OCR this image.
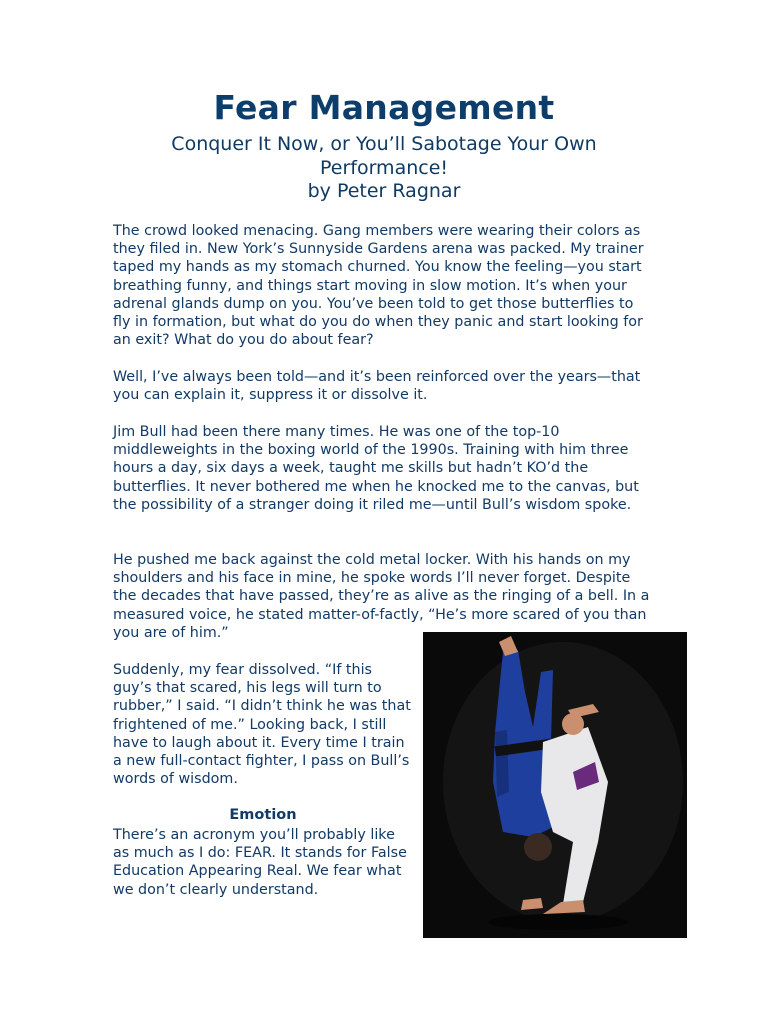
Fear Management
Conquer It Now, or You’ll Sabotage Your Own Performance!
by Peter Ragnar

The crowd looked menacing. Gang members were wearing their colors as they filed in. New York’s Sunnyside Gardens arena was packed. My trainer taped my hands as my stomach churned. You know the feeling—you start breathing funny, and things start moving in slow motion. It’s when your adrenal glands dump on you. You’ve been told to get those butterflies to fly in formation, but what do you do when they panic and start looking for an exit? What do you do about fear?

Well, I’ve always been told—and it’s been reinforced over the years—that you can explain it, suppress it or dissolve it.

Jim Bull had been there many times. He was one of the top-10 middleweights in the boxing world of the 1990s. Training with him three hours a day, six days a week, taught me skills but hadn’t KO’d the butterflies. It never bothered me when he knocked me to the canvas, but the possibility of a stranger doing it riled me—until Bull’s wisdom spoke.

He pushed me back against the cold metal locker. With his hands on my shoulders and his face in mine, he spoke words I’ll never forget. Despite the decades that have passed, they’re as alive as the ringing of a bell. In a measured voice, he stated matter-of-factly, “He’s more scared of you than you are of him.”

Suddenly, my fear dissolved. “If this guy’s that scared, his legs will turn to rubber,” I said. “I didn’t think he was that frightened of me.” Looking back, I still have to laugh about it. Every time I train a new full-contact fighter, I pass on Bull’s words of wisdom.

Emotion

There’s an acronym you’ll probably like as much as I do: FEAR. It stands for False Education Appearing Real. We fear what we don’t clearly understand.
